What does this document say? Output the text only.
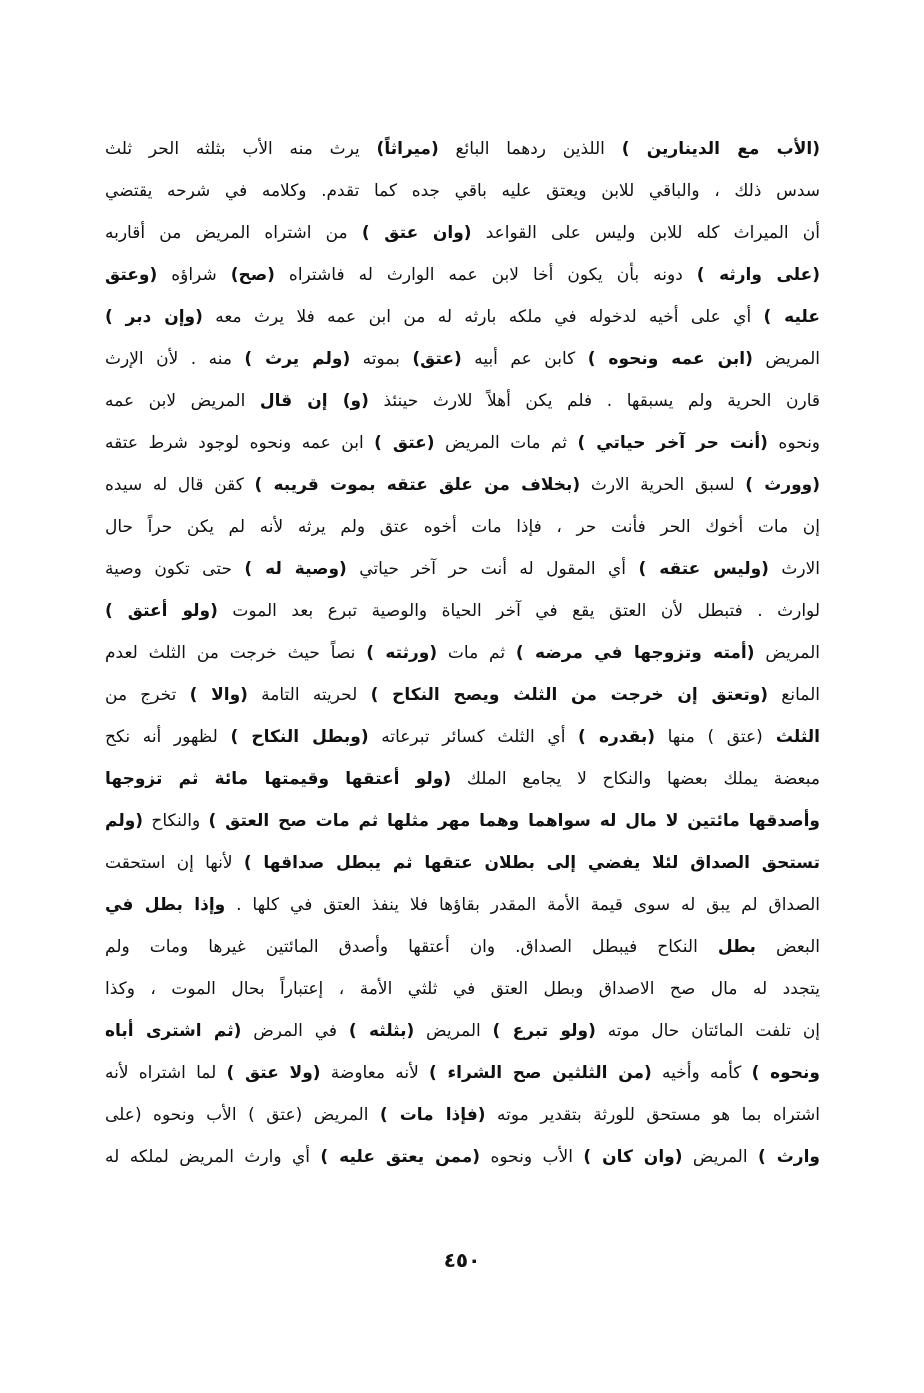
(الأب مع الدينارين ) اللذين ردهما البائع (ميراثاً) يرث منه الأب بثلثه الحر ثلث
سدس ذلك ، والباقي للابن ويعتق عليه باقي جده كما تقدم. وكلامه في شرحه يقتضي
أن الميراث كله للابن وليس على القواعد (وان عتق ) من اشتراه المريض من أقاربه
(على وارثه ) دونه بأن يكون أخا لابن عمه الوارث له فاشتراه (صح) شراؤه (وعتق
عليه ) أي على أخيه لدخوله في ملكه بارثه له من ابن عمه فلا يرث معه (وإن دبر )
المريض (ابن عمه ونحوه ) كابن عم أبيه (عتق) بموته (ولم يرث ) منه . لأن الإرث
قارن الحرية ولم يسبقها . فلم يكن أهلاً للارث حينئذ (و) إن قال المريض لابن عمه
ونحوه (أنت حر آخر حياتي ) ثم مات المريض (عتق ) ابن عمه ونحوه لوجود شرط عتقه
(وورث ) لسبق الحرية الارث (بخلاف من علق عتقه بموت قريبه ) كقن قال له سيده
إن مات أخوك الحر فأنت حر ، فإذا مات أخوه عتق ولم يرثه لأنه لم يكن حراً حال
الارث (وليس عتقه ) أي المقول له أنت حر آخر حياتي (وصية له ) حتى تكون وصية
لوارث . فتبطل لأن العتق يقع في آخر الحياة والوصية تبرع بعد الموت (ولو أعتق )
المريض (أمته وتزوجها في مرضه ) ثم مات (ورثته ) نصاً حيث خرجت من الثلث لعدم
المانع (وتعتق إن خرجت من الثلث ويصح النكاح ) لحريته التامة (والا ) تخرج من
الثلث (عتق ) منها (بقدره ) أي الثلث كسائر تبرعاته (وبطل النكاح ) لظهور أنه نكح
مبعضة يملك بعضها والنكاح لا يجامع الملك (ولو أعتقها وقيمتها مائة ثم تزوجها
وأصدقها مائتين لا مال له سواهما وهما مهر مثلها ثم مات صح العتق ) والنكاح (ولم
تستحق الصداق لئلا يفضي إلى بطلان عتقها ثم يبطل صداقها ) لأنها إن استحقت
الصداق لم يبق له سوى قيمة الأمة المقدر بقاؤها فلا ينفذ العتق في كلها . وإذا بطل في
البعض بطل النكاح فيبطل الصداق. وان أعتقها وأصدق المائتين غيرها ومات ولم
يتجدد له مال صح الاصداق وبطل العتق في ثلثي الأمة ، إعتباراً بحال الموت ، وكذا
إن تلفت المائتان حال موته (ولو تبرع ) المريض (بثلثه ) في المرض (ثم اشترى أباه
ونحوه ) كأمه وأخيه (من الثلثين صح الشراء ) لأنه معاوضة (ولا عتق ) لما اشتراه لأنه
اشتراه بما هو مستحق للورثة بتقدير موته (فإذا مات ) المريض (عتق ) الأب ونحوه (على
وارث ) المريض (وان كان ) الأب ونحوه (ممن يعتق عليه ) أي وارث المريض لملكه له
٤٥٠
